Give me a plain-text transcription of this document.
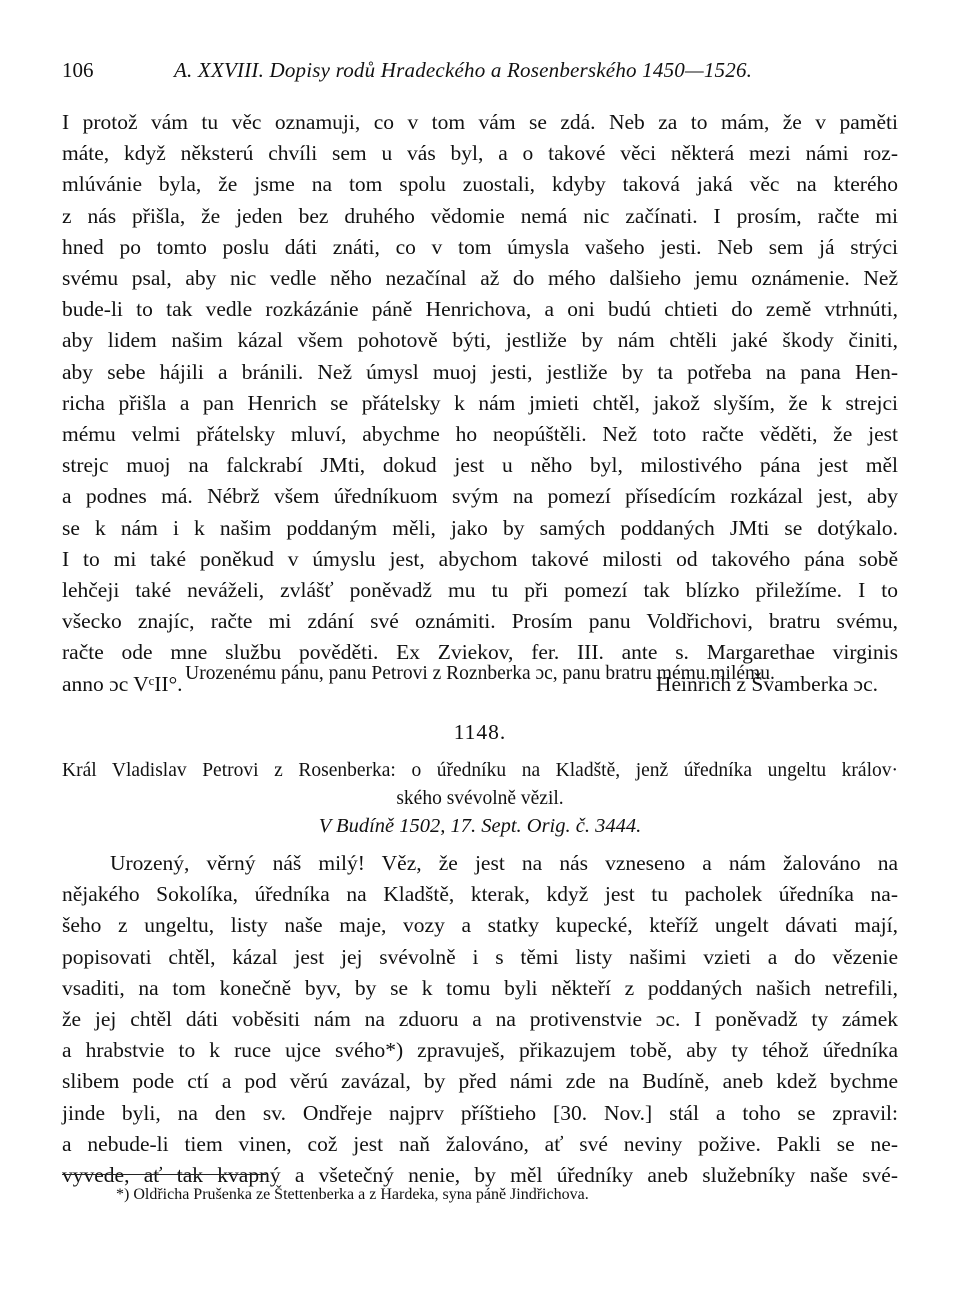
106	A. XXVIII. Dopisy rodů Hradeckého a Rosenberského 1450—1526.
I protož vám tu věc oznamuji, co v tom vám se zdá. Neb za to mám, že v paměti
máte, když něksterú chvíli sem u vás byl, a o takové věci některá mezi námi roz-
mlúvánie byla, že jsme na tom spolu zuostali, kdyby taková jaká věc na kterého
z nás přišla, že jeden bez druhého vědomie nemá nic začínati. I prosím, račte mi
hned po tomto poslu dáti znáti, co v tom úmysla vašeho jesti. Neb sem já strýci
svému psal, aby nic vedle něho nezačínal až do mého dalšieho jemu oznámenie. Než
bude-li to tak vedle rozkázánie páně Henrichova, a oni budú chtieti do země vtrhnúti,
aby lidem našim kázal všem pohotově býti, jestliže by nám chtěli jaké škody činiti,
aby sebe hájili a bránili. Než úmysl muoj jesti, jestliže by ta potřeba na pana Hen-
richa přišla a pan Henrich se přátelsky k nám jmieti chtěl, jakož slyším, že k strejci
mému velmi přátelsky mluví, abychme ho neopúštěli. Než toto račte věděti, že jest
strejc muoj na falckrabí JMti, dokud jest u něho byl, milostivého pána jest měl
a podnes má. Nébrž všem úředníkuom svým na pomezí přísedícím rozkázal jest, aby
se k nám i k našim poddaným měli, jako by samých poddaných JMti se dotýkalo.
I to mi také poněkud v úmyslu jest, abychom takové milosti od takového pána sobě
lehčeji také neváželi, zvlášť poněvadž mu tu při pomezí tak blízko přiležíme. I to
všecko znajíc, račte mi zdání své oznámiti. Prosím panu Voldřichovi, bratru svému,
račte ode mne službu pověděti. Ex Zviekov, fer. III. ante s. Margarethae virginis
anno ɔc VᶜII°.	Heinrich z Švamberka ɔc.
Urozenému pánu, panu Petrovi z Roznberka ɔc, panu bratru mému milému.
1148.
Král Vladislav Petrovi z Rosenberka: o úředníku na Kladště, jenž úředníka ungeltu králov·
ského svévolně vězil.
V Budíně 1502, 17. Sept. Orig. č. 3444.
Urozený, věrný náš milý! Věz, že jest na nás vzneseno a nám žalováno na
nějakého Sokolíka, úředníka na Kladště, kterak, když jest tu pacholek úředníka na-
šeho z ungeltu, listy naše maje, vozy a statky kupecké, kteříž ungelt dávati mají,
popisovati chtěl, kázal jest jej svévolně i s těmi listy našimi vzieti a do vězenie
vsaditi, na tom konečně byv, by se k tomu byli někteří z poddaných našich netrefili,
že jej chtěl dáti voběsiti nám na zduoru a na protivenstvie ɔc. I poněvadž ty zámek
a hrabstvie to k ruce ujce svého*) zpravuješ, přikazujem tobě, aby ty téhož úředníka
slibem pode ctí a pod věrú zavázal, by před námi zde na Budíně, aneb kdež bychme
jinde byli, na den sv. Ondřeje najprv příštieho [30. Nov.] stál a toho se zpravil:
a nebude-li tiem vinen, což jest naň žalováno, ať své neviny požive. Pakli se ne-
vyvede, ať tak kvapný a všetečný nenie, by měl úředníky aneb služebníky naše své-
*) Oldřicha Prušenka ze Štettenberka a z Hardeka, syna páně Jindřichova.
